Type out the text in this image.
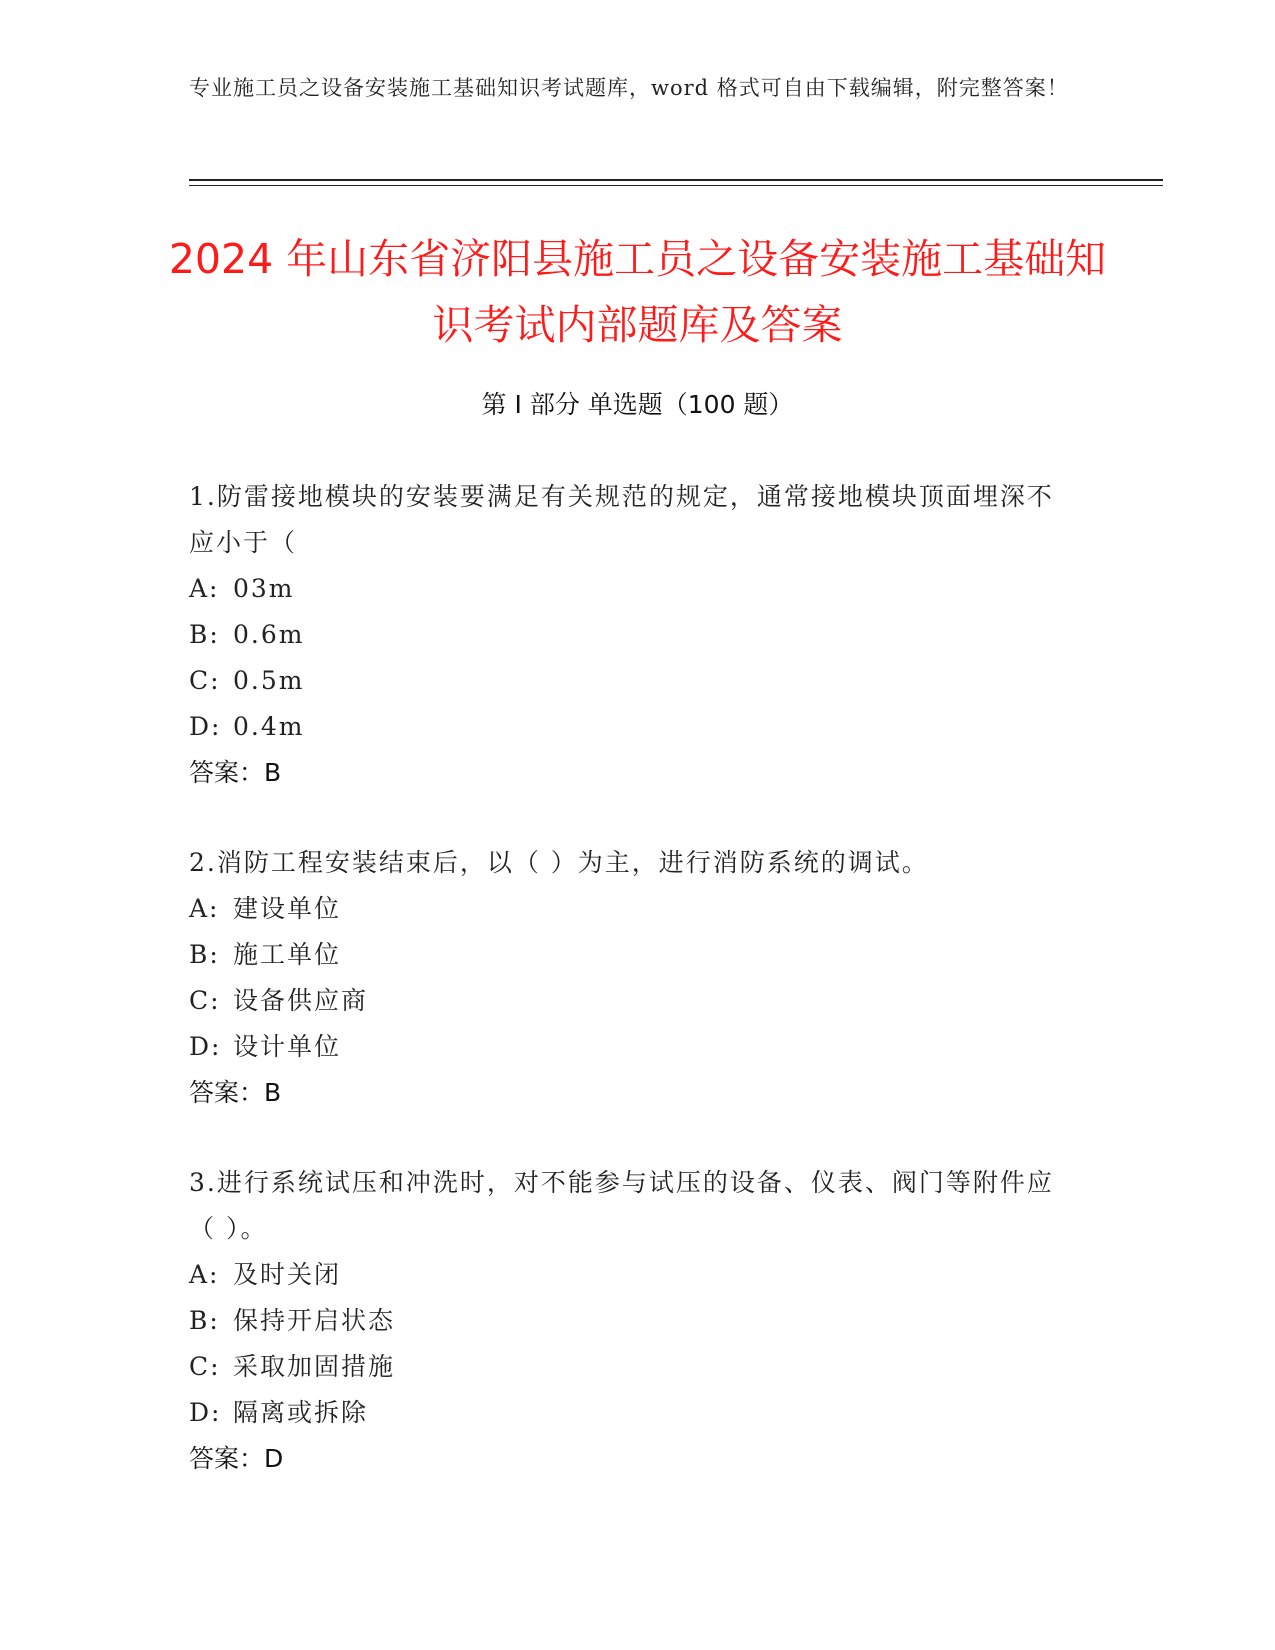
专业施工员之设备安装施工基础知识考试题库，word 格式可自由下载编辑，附完整答案！
2024 年山东省济阳县施工员之设备安装施工基础知识考试内部题库及答案
第 I 部分 单选题（100 题）

1.防雷接地模块的安装要满足有关规范的规定，通常接地模块顶面埋深不应小于（

A: 03m
B: 0.6m
C: 0.5m
D: 0.4m

答案：B

2.消防工程安装结束后，以（ ）为主，进行消防系统的调试。

A: 建设单位
B: 施工单位
C: 设备供应商
D: 设计单位

答案：B

3.进行系统试压和冲洗时，对不能参与试压的设备、仪表、阀门等附件应（ ）。

A: 及时关闭
B: 保持开启状态
C: 采取加固措施
D: 隔离或拆除

答案：D
